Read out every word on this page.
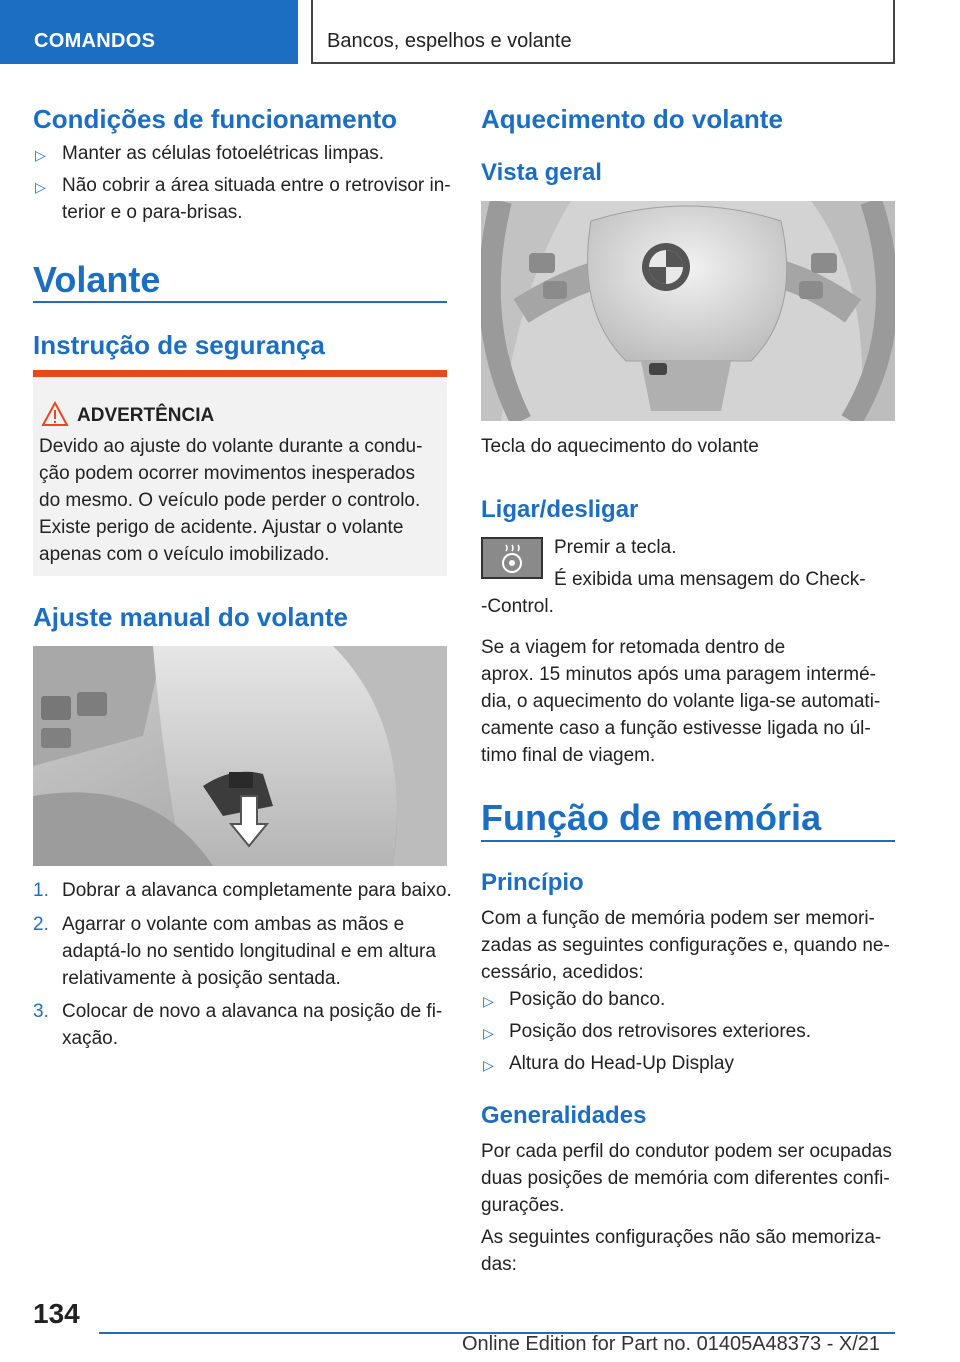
COMANDOS	Bancos, espelhos e volante
Condições de funcionamento
▷ Manter as células fotoelétricas limpas.
▷ Não cobrir a área situada entre o retrovisor in-
terior e o para-brisas.
Volante
Instrução de segurança
ADVERTÊNCIA
Devido ao ajuste do volante durante a condu-
ção podem ocorrer movimentos inesperados
do mesmo. O veículo pode perder o controlo.
Existe perigo de acidente. Ajustar o volante
apenas com o veículo imobilizado.
Ajuste manual do volante
1. Dobrar a alavanca completamente para baixo.
2. Agarrar o volante com ambas as mãos e
adaptá-lo no sentido longitudinal e em altura
relativamente à posição sentada.
3. Colocar de novo a alavanca na posição de fi-
xação.
Aquecimento do volante
Vista geral
Tecla do aquecimento do volante
Ligar/desligar
Premir a tecla.
É exibida uma mensagem do Check-
-Control.
Se a viagem for retomada dentro de
aprox. 15 minutos após uma paragem intermé-
dia, o aquecimento do volante liga-se automati-
camente caso a função estivesse ligada no úl-
timo final de viagem.
Função de memória
Princípio
Com a função de memória podem ser memori-
zadas as seguintes configurações e, quando ne-
cessário, acedidos:
▷ Posição do banco.
▷ Posição dos retrovisores exteriores.
▷ Altura do Head-Up Display
Generalidades
Por cada perfil do condutor podem ser ocupadas
duas posições de memória com diferentes confi-
gurações.
As seguintes configurações não são memoriza-
das:
134
Online Edition for Part no. 01405A48373 - X/21
